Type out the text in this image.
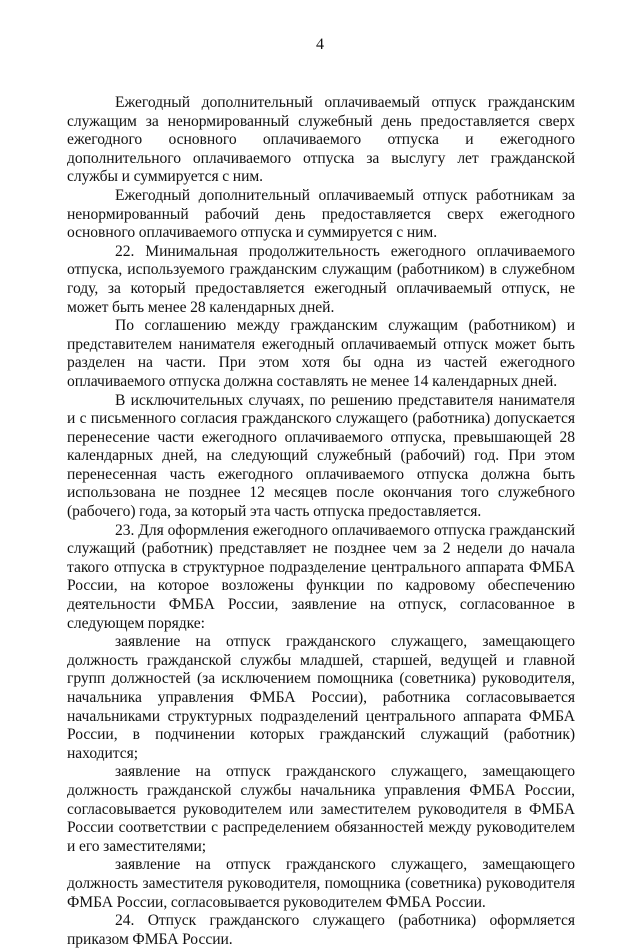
4

Ежегодный дополнительный оплачиваемый отпуск гражданским служащим за ненормированный служебный день предоставляется сверх ежегодного основного оплачиваемого отпуска и ежегодного дополнительного оплачиваемого отпуска за выслугу лет гражданской службы и суммируется с ним.

Ежегодный дополнительный оплачиваемый отпуск работникам за ненормированный рабочий день предоставляется сверх ежегодного основного оплачиваемого отпуска и суммируется с ним.

22. Минимальная продолжительность ежегодного оплачиваемого отпуска, используемого гражданским служащим (работником) в служебном году, за который предоставляется ежегодный оплачиваемый отпуск, не может быть менее 28 календарных дней.

По соглашению между гражданским служащим (работником) и представителем нанимателя ежегодный оплачиваемый отпуск может быть разделен на части. При этом хотя бы одна из частей ежегодного оплачиваемого отпуска должна составлять не менее 14 календарных дней.

В исключительных случаях, по решению представителя нанимателя и с письменного согласия гражданского служащего (работника) допускается перенесение части ежегодного оплачиваемого отпуска, превышающей 28 календарных дней, на следующий служебный (рабочий) год. При этом перенесенная часть ежегодного оплачиваемого отпуска должна быть использована не позднее 12 месяцев после окончания того служебного (рабочего) года, за который эта часть отпуска предоставляется.

23. Для оформления ежегодного оплачиваемого отпуска гражданский служащий (работник) представляет не позднее чем за 2 недели до начала такого отпуска в структурное подразделение центрального аппарата ФМБА России, на которое возложены функции по кадровому обеспечению деятельности ФМБА России, заявление на отпуск, согласованное в следующем порядке:

заявление на отпуск гражданского служащего, замещающего должность гражданской службы младшей, старшей, ведущей и главной групп должностей (за исключением помощника (советника) руководителя, начальника управления ФМБА России), работника согласовывается начальниками структурных подразделений центрального аппарата ФМБА России, в подчинении которых гражданский служащий (работник) находится;

заявление на отпуск гражданского служащего, замещающего должность гражданской службы начальника управления ФМБА России, согласовывается руководителем или заместителем руководителя в ФМБА России соответствии с распределением обязанностей между руководителем и его заместителями;

заявление на отпуск гражданского служащего, замещающего должность заместителя руководителя, помощника (советника) руководителя ФМБА России, согласовывается руководителем ФМБА России.

24. Отпуск гражданского служащего (работника) оформляется приказом ФМБА России.
